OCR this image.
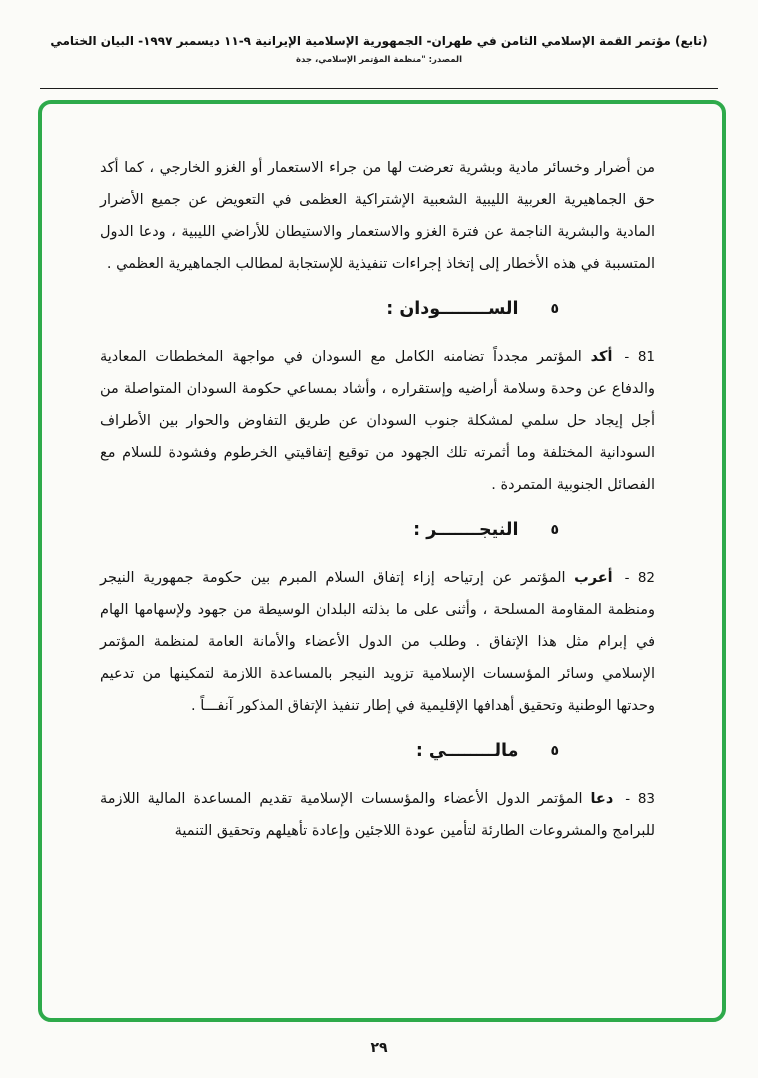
(تابع) مؤتمر القمة الإسلامي الثامن في طهران- الجمهورية الإسلامية الإيرانية ٩-١١ ديسمبر ١٩٩٧- البيان الختامي
المصدر: "منظمة المؤتمر الإسلامي، جدة

من أضرار وخسائر مادية وبشرية تعرضت لها من جراء الاستعمار أو الغزو الخارجي ، كما أكد حق الجماهيرية العربية الليبية الشعبية الإشتراكية العظمى في التعويض عن جميع الأضرار المادية والبشرية الناجمة عن فترة الغزو والاستعمار والاستيطان للأراضي الليبية ، ودعا الدول المتسببة في هذه الأخطار إلى إتخاذ إجراءات تنفيذية للإستجابة لمطالب الجماهيرية العظمي .

٥الســــــــودان :

81 -أكد المؤتمر مجدداً تضامنه الكامل مع السودان في مواجهة المخططات المعادية والدفاع عن وحدة وسلامة أراضيه وإستقراره ، وأشاد بمساعي حكومة السودان المتواصلة من أجل إيجاد حل سلمي لمشكلة جنوب السودان عن طريق التفاوض والحوار بين الأطراف السودانية المختلفة وما أثمرته تلك الجهود من توقيع إتفاقيتي الخرطوم وفشودة للسلام مع الفصائل الجنوبية المتمردة .

٥النيجـــــــر :

82 -أعرب المؤتمر عن إرتياحه إزاء إتفاق السلام المبرم بين حكومة جمهورية النيجر ومنظمة المقاومة المسلحة ، وأثنى على ما بذلته البلدان الوسيطة من جهود ولإسهامها الهام في إبرام مثل هذا الإتفاق . وطلب من الدول الأعضاء والأمانة العامة لمنظمة المؤتمر الإسلامي وسائر المؤسسات الإسلامية تزويد النيجر بالمساعدة اللازمة لتمكينها من تدعيم وحدتها الوطنية وتحقيق أهدافها الإقليمية في إطار تنفيذ الإتفاق المذكور آنفـــاً .

٥مالــــــــي :

83 -دعا المؤتمر الدول الأعضاء والمؤسسات الإسلامية تقديم المساعدة المالية اللازمة للبرامج والمشروعات الطارئة لتأمين عودة اللاجئين وإعادة تأهيلهم وتحقيق التنمية

٢٩
